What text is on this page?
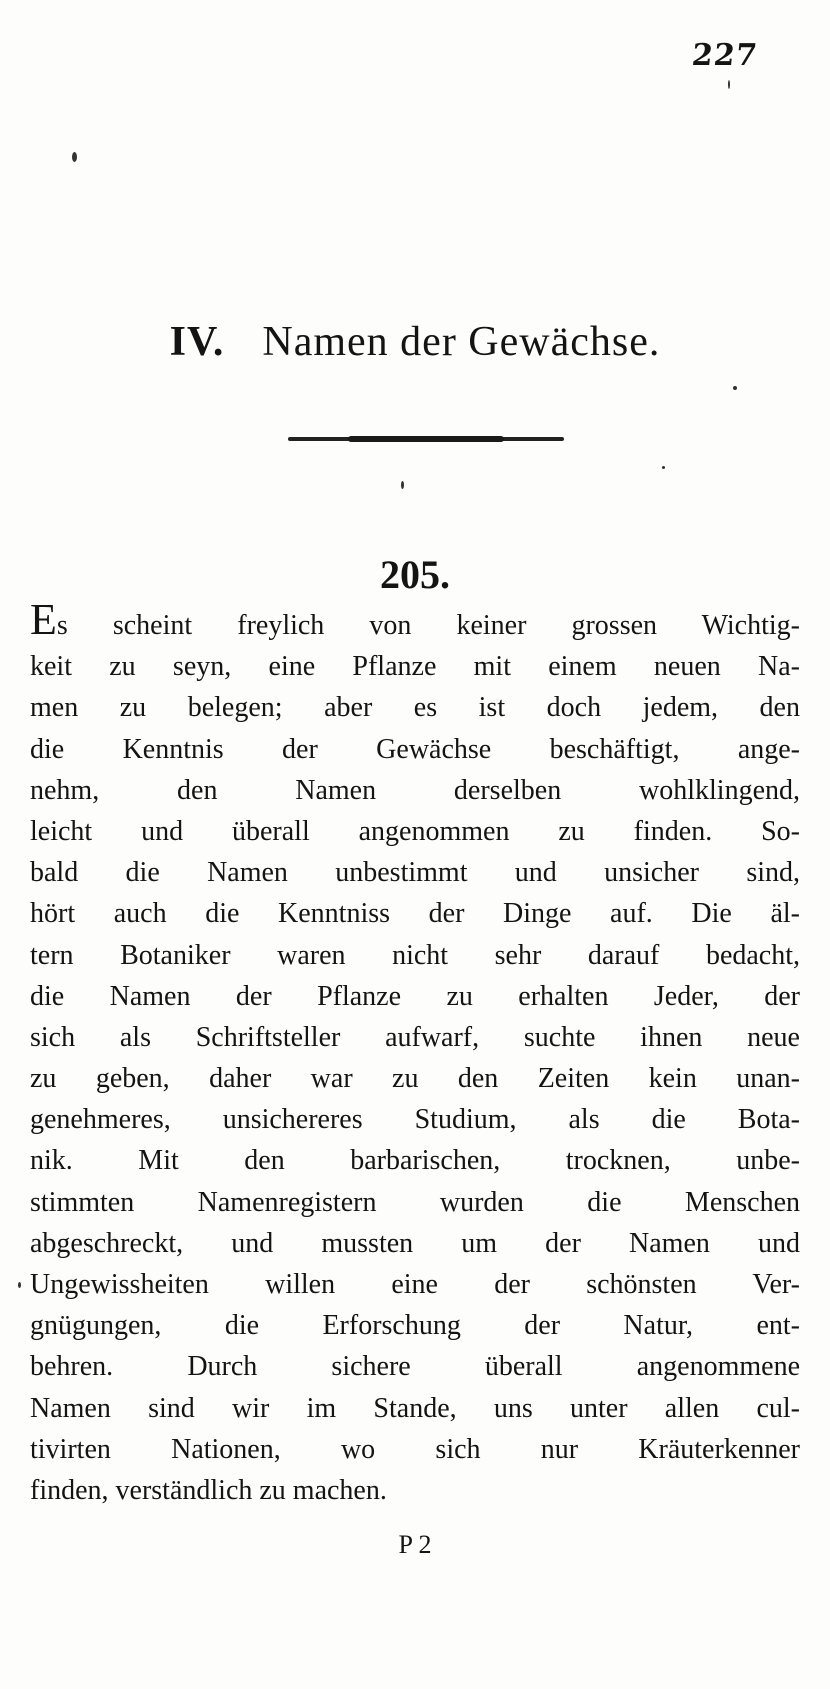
227
IV. Namen der Gewächse.
205.
Es scheint freylich von keiner grossen Wichtig-
keit zu seyn, eine Pflanze mit einem neuen Na-
men zu belegen; aber es ist doch jedem, den
die Kenntnis der Gewächse beschäftigt, ange-
nehm, den Namen derselben wohlklingend,
leicht und überall angenommen zu finden. So-
bald die Namen unbestimmt und unsicher sind,
hört auch die Kenntniss der Dinge auf. Die äl-
tern Botaniker waren nicht sehr darauf bedacht,
die Namen der Pflanze zu erhalten Jeder, der
sich als Schriftsteller aufwarf, suchte ihnen neue
zu geben, daher war zu den Zeiten kein unan-
genehmeres, unsichereres Studium, als die Bota-
nik. Mit den barbarischen, trocknen, unbe-
stimmten Namenregistern wurden die Menschen
abgeschreckt, und mussten um der Namen und
Ungewissheiten willen eine der schönsten Ver-
gnügungen, die Erforschung der Natur, ent-
behren. Durch sichere überall angenommene
Namen sind wir im Stande, uns unter allen cul-
tivirten Nationen, wo sich nur Kräuterkenner
finden, verständlich zu machen.
P 2
